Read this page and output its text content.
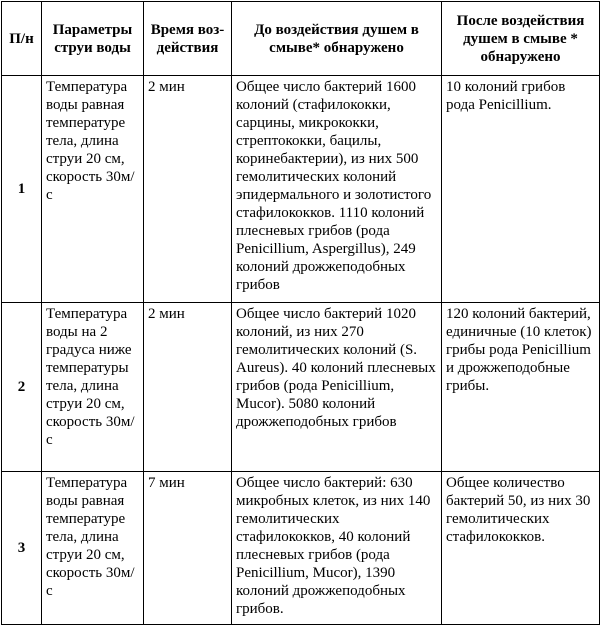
П/н	Параметры струи воды	Время воз-действия	До воздействия душем в смыве* обнаружено	После воздействия душем в смыве * обнаружено
1	Температура воды равная температуре тела, длина струи 20 см, скорость 30м/с	2 мин	Общее число бактерий 1600 колоний (стафилококки, сарцины, микрококки, стрептококки, бацилы, коринебактерии), из них 500 гемолитических колоний эпидермального и золотистого стафилококков. 1110 колоний плесневых грибов (рода Penicillium, Aspergillus), 249 колоний дрожжеподобных грибов	10 колоний грибов рода Penicillium.
2	Температура воды на 2 градуса ниже температуры тела, длина струи 20 см, скорость 30м/с	2 мин	Общее число бактерий 1020 колоний, из них 270 гемолитических колоний (S. Aureus). 40 колоний плесневых грибов (рода Penicillium, Mucor). 5080 колоний дрожжеподобных грибов	120 колоний бактерий, единичные (10 клеток) грибы рода Penicillium и дрожжеподобные грибы.
3	Температура воды равная температуре тела, длина струи 20 см, скорость 30м/с	7 мин	Общее число бактерий: 630 микробных клеток, из них 140 гемолитических стафилококков, 40 колоний плесневых грибов (рода Penicillium, Mucor), 1390 колоний дрожжеподобных грибов.	Общее количество бактерий 50, из них 30 гемолитических стафилококков.
